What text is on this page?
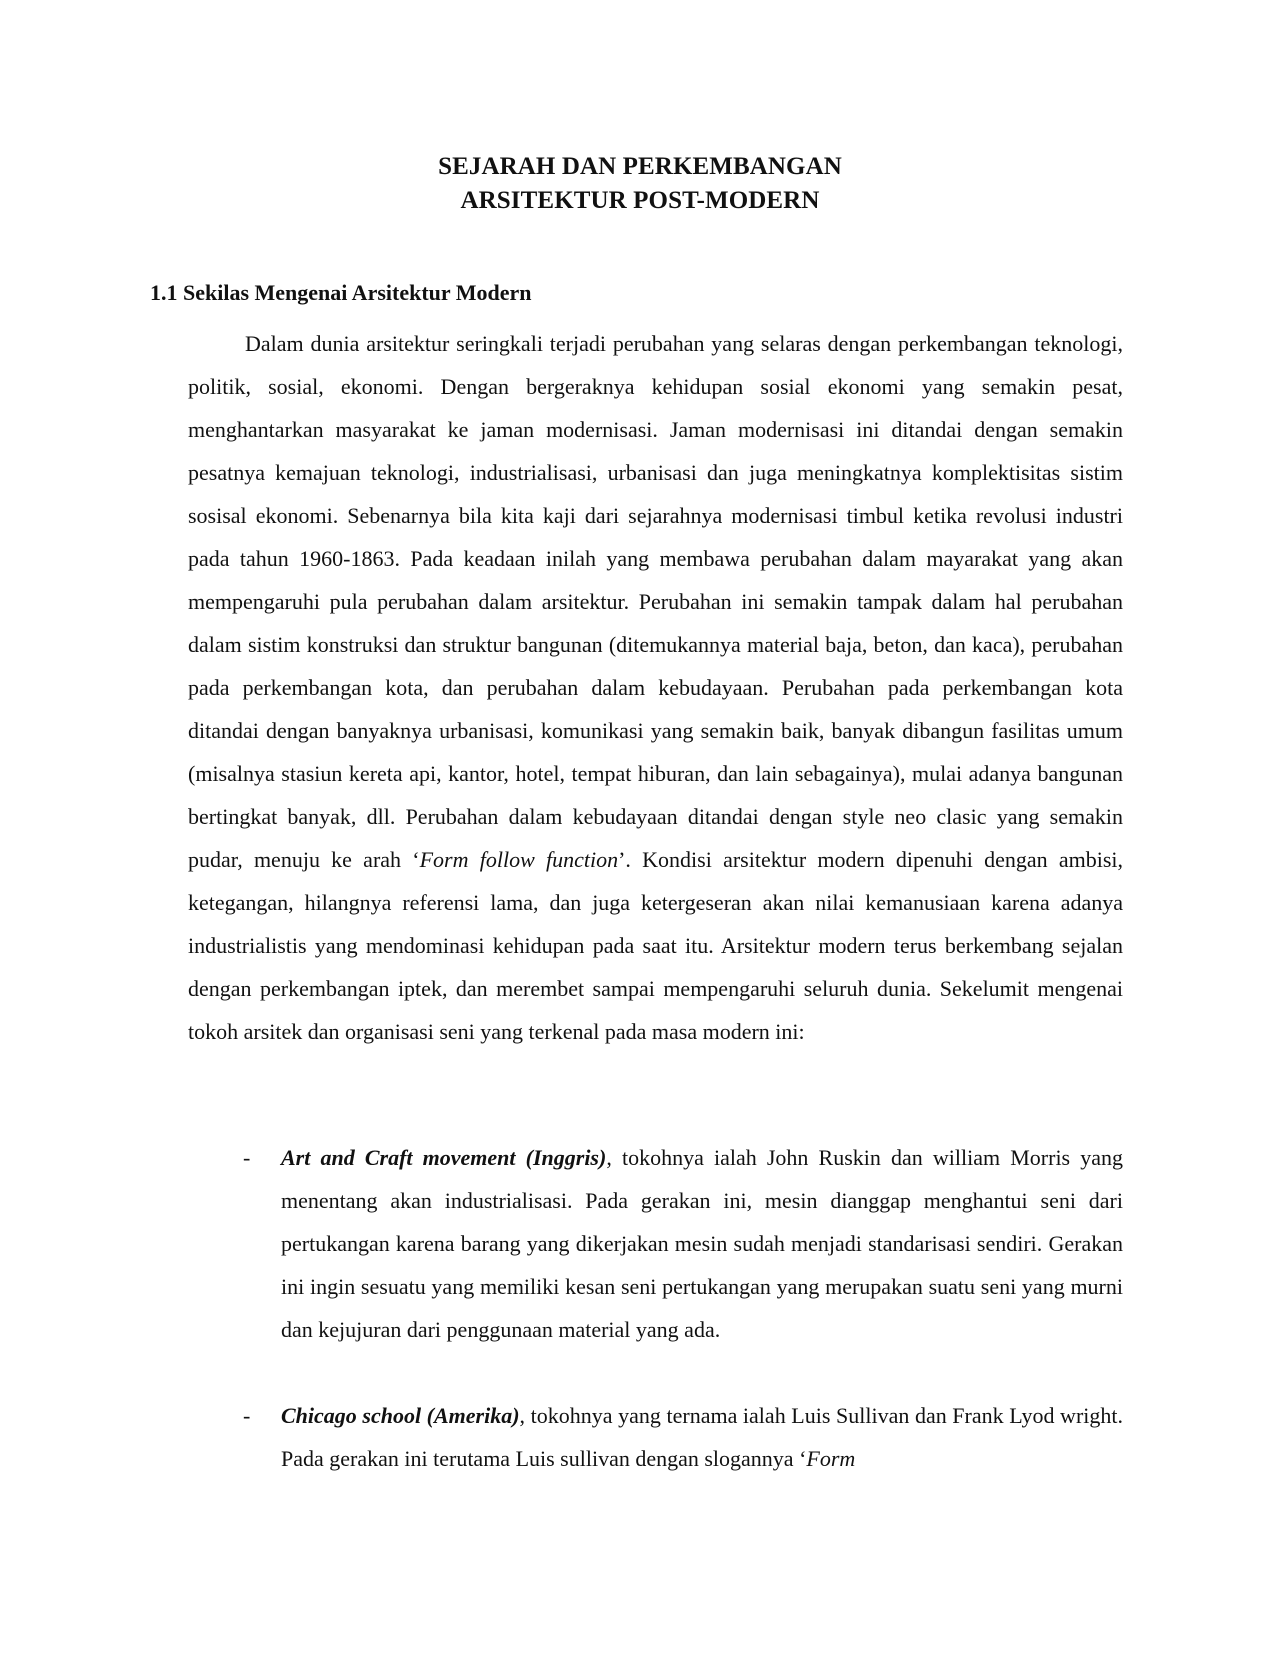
SEJARAH DAN PERKEMBANGAN
ARSITEKTUR POST-MODERN
1.1 Sekilas Mengenai Arsitektur Modern

Dalam dunia arsitektur seringkali terjadi perubahan yang selaras dengan perkembangan teknologi, politik, sosial, ekonomi. Dengan bergeraknya kehidupan sosial ekonomi yang semakin pesat, menghantarkan masyarakat ke jaman modernisasi. Jaman modernisasi ini ditandai dengan semakin pesatnya kemajuan teknologi, industrialisasi, urbanisasi dan juga meningkatnya komplektisitas sistim sosisal ekonomi. Sebenarnya bila kita kaji dari sejarahnya modernisasi timbul ketika revolusi industri pada tahun 1960-1863. Pada keadaan inilah yang membawa perubahan dalam mayarakat yang akan mempengaruhi pula perubahan dalam arsitektur. Perubahan ini semakin tampak dalam hal perubahan dalam sistim konstruksi dan struktur bangunan (ditemukannya material baja, beton, dan kaca), perubahan pada perkembangan kota, dan perubahan dalam kebudayaan. Perubahan pada perkembangan kota ditandai dengan banyaknya urbanisasi, komunikasi yang semakin baik, banyak dibangun fasilitas umum (misalnya stasiun kereta api, kantor, hotel, tempat hiburan, dan lain sebagainya), mulai adanya bangunan bertingkat banyak, dll. Perubahan dalam kebudayaan ditandai dengan style neo clasic yang semakin pudar, menuju ke arah ‘Form follow function’. Kondisi arsitektur modern dipenuhi dengan ambisi, ketegangan, hilangnya referensi lama, dan juga ketergeseran akan nilai kemanusiaan karena adanya industrialistis yang mendominasi kehidupan pada saat itu. Arsitektur modern terus berkembang sejalan dengan perkembangan iptek, dan merembet sampai mempengaruhi seluruh dunia. Sekelumit mengenai tokoh arsitek dan organisasi seni yang terkenal pada masa modern ini:

- Art and Craft movement (Inggris), tokohnya ialah John Ruskin dan william Morris yang menentang akan industrialisasi. Pada gerakan ini, mesin dianggap menghantui seni dari pertukangan karena barang yang dikerjakan mesin sudah menjadi standarisasi sendiri. Gerakan ini ingin sesuatu yang memiliki kesan seni pertukangan yang merupakan suatu seni yang murni dan kejujuran dari penggunaan material yang ada.
- Chicago school (Amerika), tokohnya yang ternama ialah Luis Sullivan dan Frank Lyod wright. Pada gerakan ini terutama Luis sullivan dengan slogannya ‘Form
